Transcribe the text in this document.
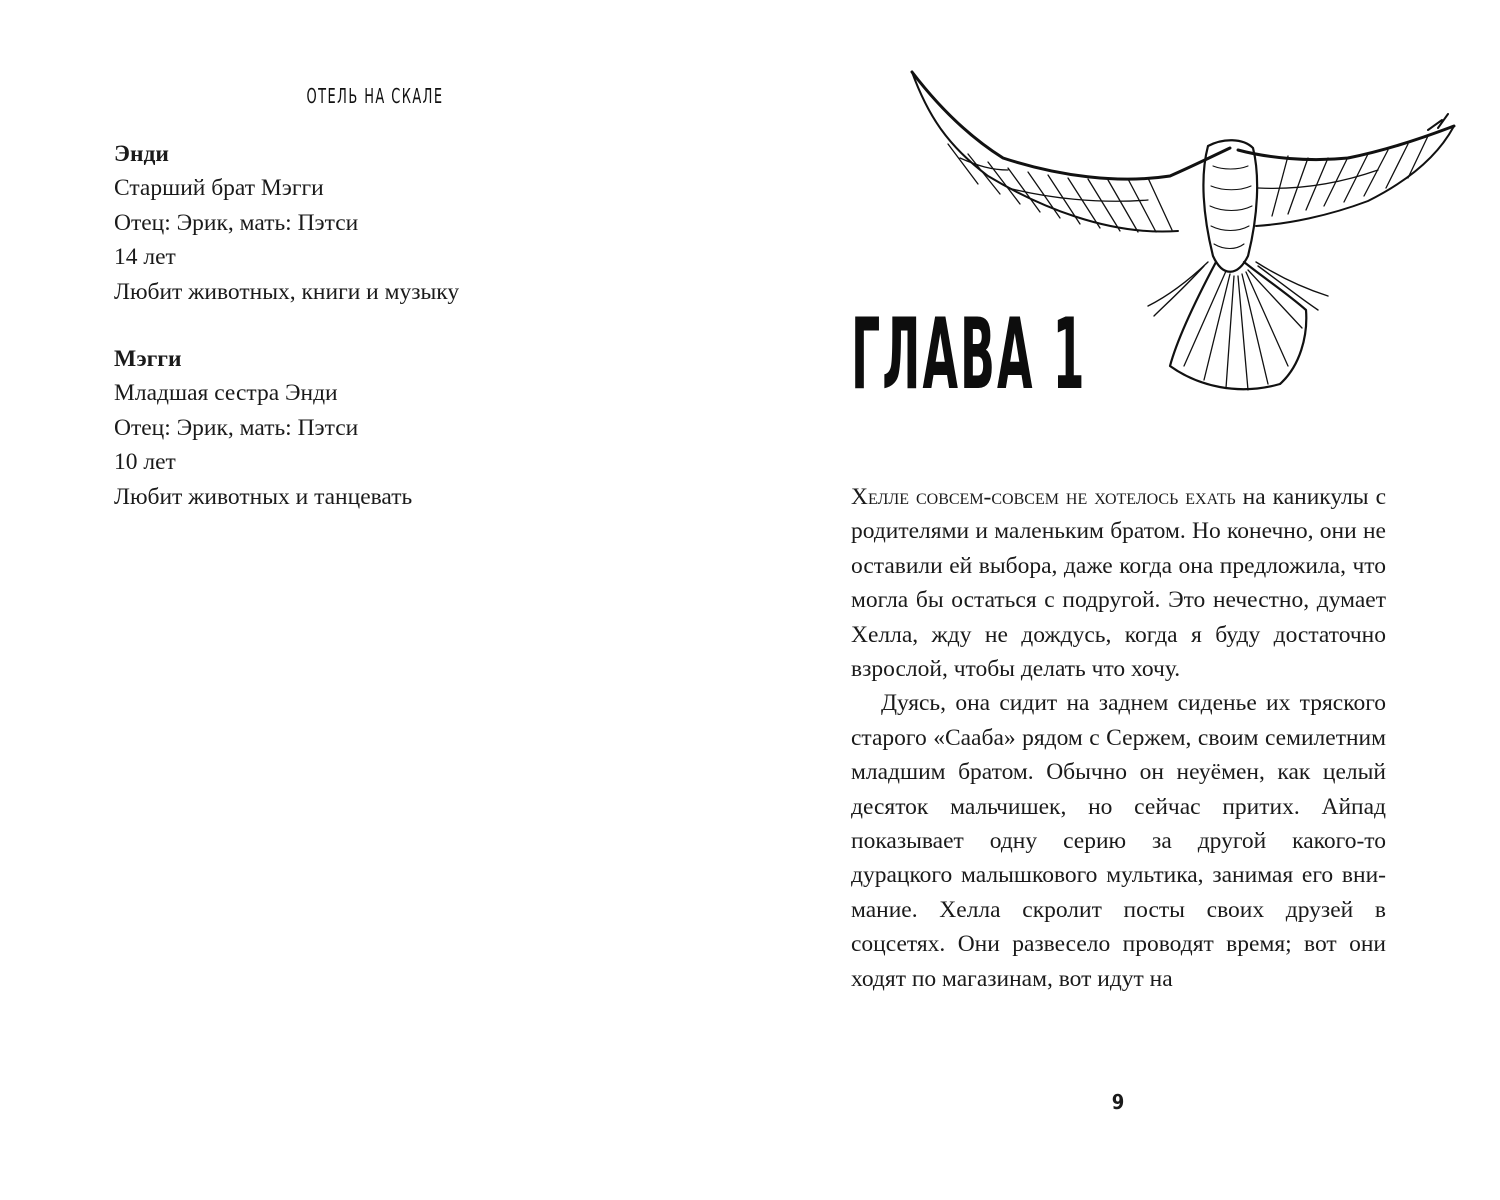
ОТЕЛЬ НА СКАЛЕ
Энди
Старший брат Мэгги
Отец: Эрик, мать: Пэтси
14 лет
Любит животных, книги и музыку
Мэгги
Младшая сестра Энди
Отец: Эрик, мать: Пэтси
10 лет
Любит животных и танцевать
ГЛАВА 1

Хелле совсем-совсем не хотелось ехать на каникулы с родителями и маленьким братом. Но конечно, они не оставили ей выбора, даже когда она предложила, что могла бы остаться с подругой. Это нечестно, думает Хелла, жду не дождусь, когда я буду достаточно взрослой, чтобы делать что хочу.

Дуясь, она сидит на заднем сиденье их тряского старого «Сааба» рядом с Сержем, своим семилетним младшим братом. Обычно он неуёмен, как целый десяток мальчишек, но сейчас притих. Айпад показывает одну серию за другой какого-то дурацкого малышкового мультика, занимая его внимание. Хелла скролит посты своих друзей в соцсетях. Они развесело проводят время; вот они ходят по магазинам, вот идут на

9
